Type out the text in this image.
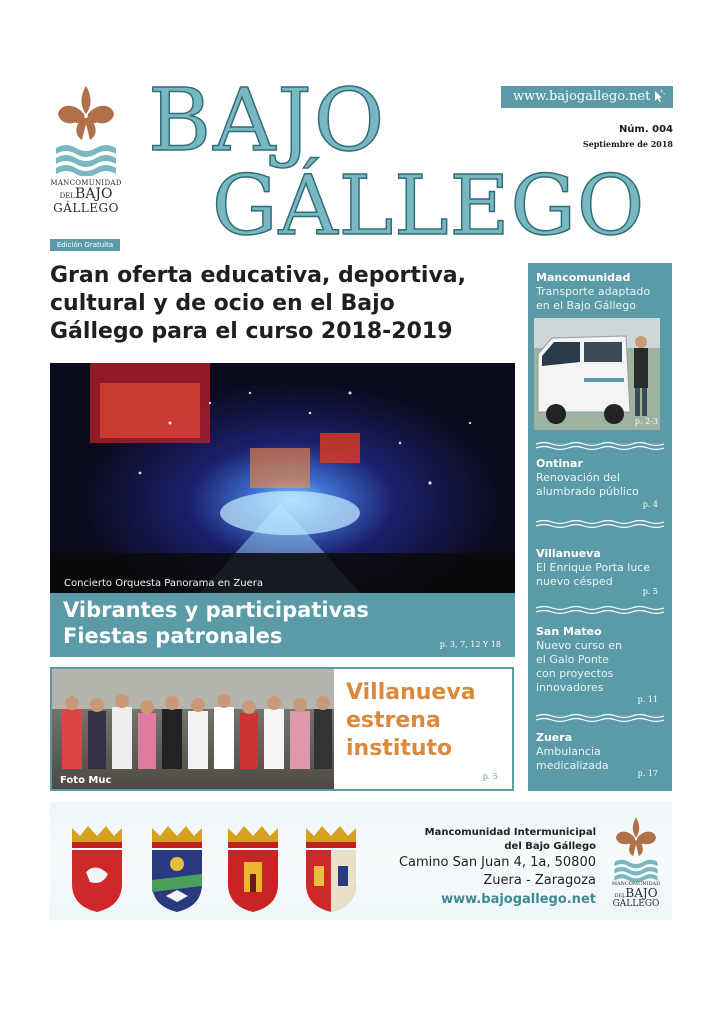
MANCOMUNIDAD
DELBAJO
GÁLLEGO
Edición Gratuita
BAJO
GÁLLEGO
www.bajogallego.net
Núm. 004
Septiembre de 2018
Gran oferta educativa, deportiva,
cultural y de ocio en el Bajo
Gállego para el curso 2018-2019
Concierto Orquesta Panorama en Zuera
Vibrantes y participativas
Fiestas patronales	p. 3, 7, 12 Y 18
Foto Muc
Villanueva
estrena
instituto
p. 5
Mancomunidad
Transporte adaptado
en el Bajo Gállego
p. 2-3
Ontinar
Renovación del
alumbrado público
p. 4
Villanueva
El Enrique Porta luce
nuevo césped
p. 5
San Mateo
Nuevo curso en
el Galo Ponte
con proyectos
innovadores
p. 11
Zuera
Ambulancia
medicalizada
p. 17
Mancomunidad Intermunicipal
del Bajo Gállego
Camino San Juan 4, 1a, 50800
Zuera - Zaragoza
www.bajogallego.net
MANCOMUNIDAD
DELBAJO
GÁLLEGO
